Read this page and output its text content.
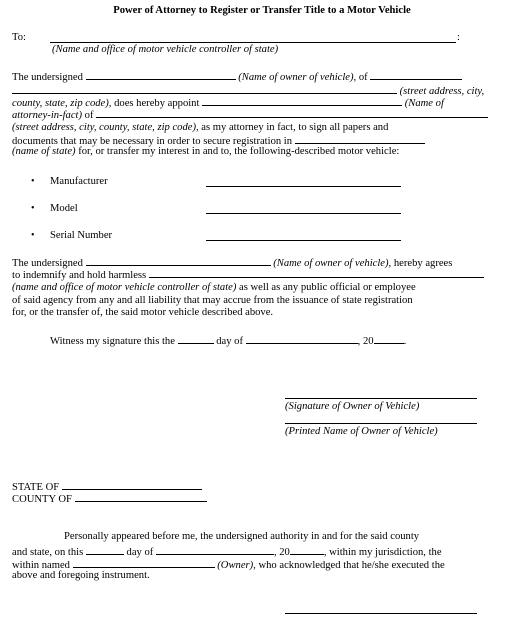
Power of Attorney to Register or Transfer Title to a Motor Vehicle
To:	:
(Name and office of motor vehicle controller of state)
The undersigned	(Name of owner of vehicle), of
(street address, city,
county, state, zip code), does hereby appoint	(Name of
attorney-in-fact) of
(street address, city, county, state, zip code), as my attorney in fact, to sign all papers and
documents that may be necessary in order to secure registration in
(name of state) for, or transfer my interest in and to, the following-described motor vehicle:
• Manufacturer
• Model
• Serial Number
The undersigned	(Name of owner of vehicle), hereby agrees
to indemnify and hold harmless
(name and office of motor vehicle controller of state) as well as any public official or employee
of said agency from any and all liability that may accrue from the issuance of state registration
for, or the transfer of, the said motor vehicle described above.
Witness my signature this the	day of	, 20	.
(Signature of Owner of Vehicle)
(Printed Name of Owner of Vehicle)
STATE OF
COUNTY OF
Personally appeared before me, the undersigned authority in and for the said county
and state, on this	day of	, 20	, within my jurisdiction, the
within named	(Owner), who acknowledged that he/she executed the
above and foregoing instrument.
